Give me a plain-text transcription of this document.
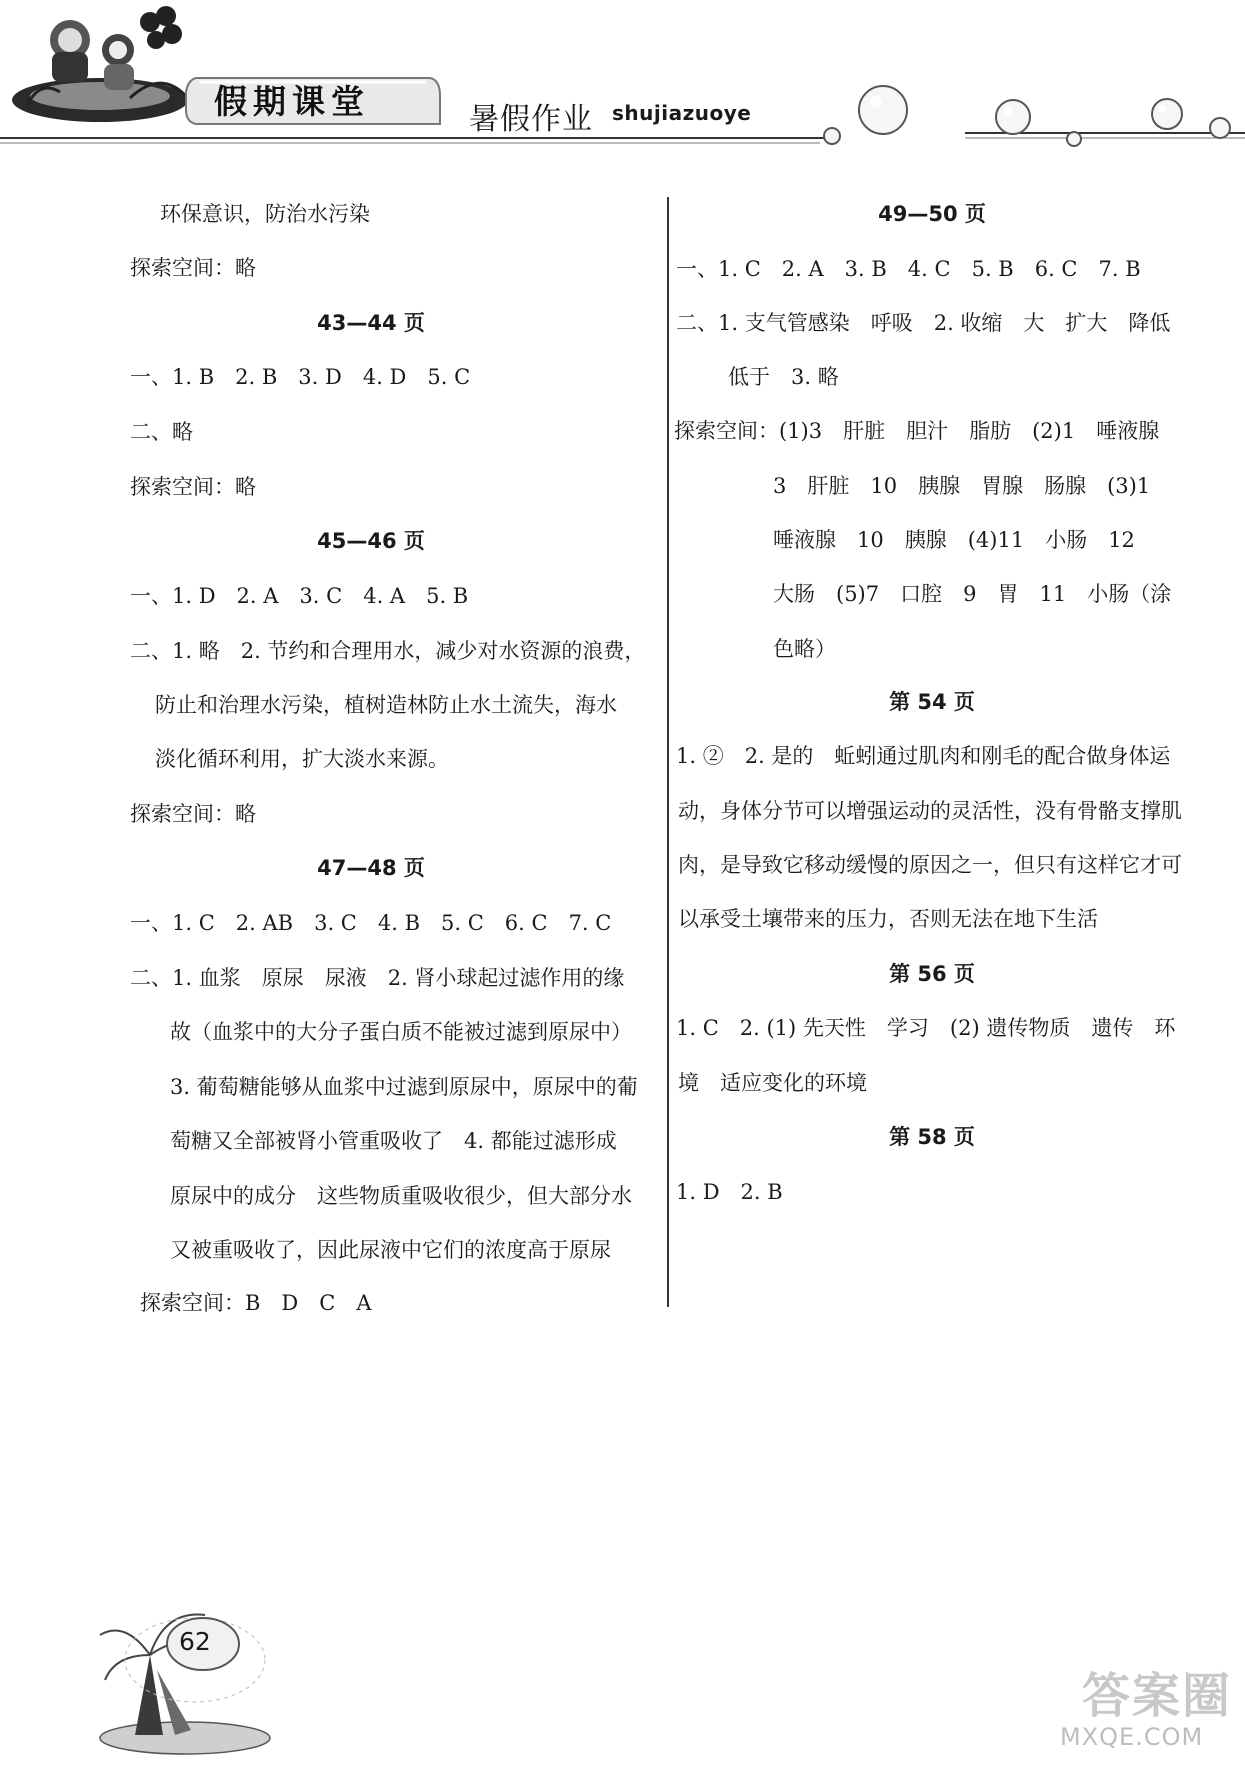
假期课堂	暑假作业 shujiazuoye
环保意识，防治水污染
探索空间：略
43—44 页
一、1. B　2. B　3. D　4. D　5. C
二、略
探索空间：略
45—46 页
一、1. D　2. A　3. C　4. A　5. B
二、1. 略　2. 节约和合理用水，减少对水资源的浪费，
防止和治理水污染，植树造林防止水土流失，海水
淡化循环利用，扩大淡水来源。
探索空间：略
47—48 页
一、1. C　2. AB　3. C　4. B　5. C　6. C　7. C
二、1. 血浆　原尿　尿液　2. 肾小球起过滤作用的缘
故（血浆中的大分子蛋白质不能被过滤到原尿中）
3. 葡萄糖能够从血浆中过滤到原尿中，原尿中的葡
萄糖又全部被肾小管重吸收了　4. 都能过滤形成
原尿中的成分　这些物质重吸收很少，但大部分水
又被重吸收了，因此尿液中它们的浓度高于原尿
探索空间：B　D　C　A
49—50 页
一、1. C　2. A　3. B　4. C　5. B　6. C　7. B
二、1. 支气管感染　呼吸　2. 收缩　大　扩大　降低
低于　3. 略
探索空间：(1)3　肝脏　胆汁　脂肪　(2)1　唾液腺
3　肝脏　10　胰腺　胃腺　肠腺　(3)1
唾液腺　10　胰腺　(4)11　小肠　12
大肠　(5)7　口腔　9　胃　11　小肠（涂
色略）
第 54 页
1. ②　2. 是的　蚯蚓通过肌肉和刚毛的配合做身体运
动，身体分节可以增强运动的灵活性，没有骨骼支撑肌
肉，是导致它移动缓慢的原因之一，但只有这样它才可
以承受土壤带来的压力，否则无法在地下生活
第 56 页
1. C　2. (1) 先天性　学习　(2) 遗传物质　遗传　环
境　适应变化的环境
第 58 页
1. D　2. B
62
答案圈
MXQE.COM
